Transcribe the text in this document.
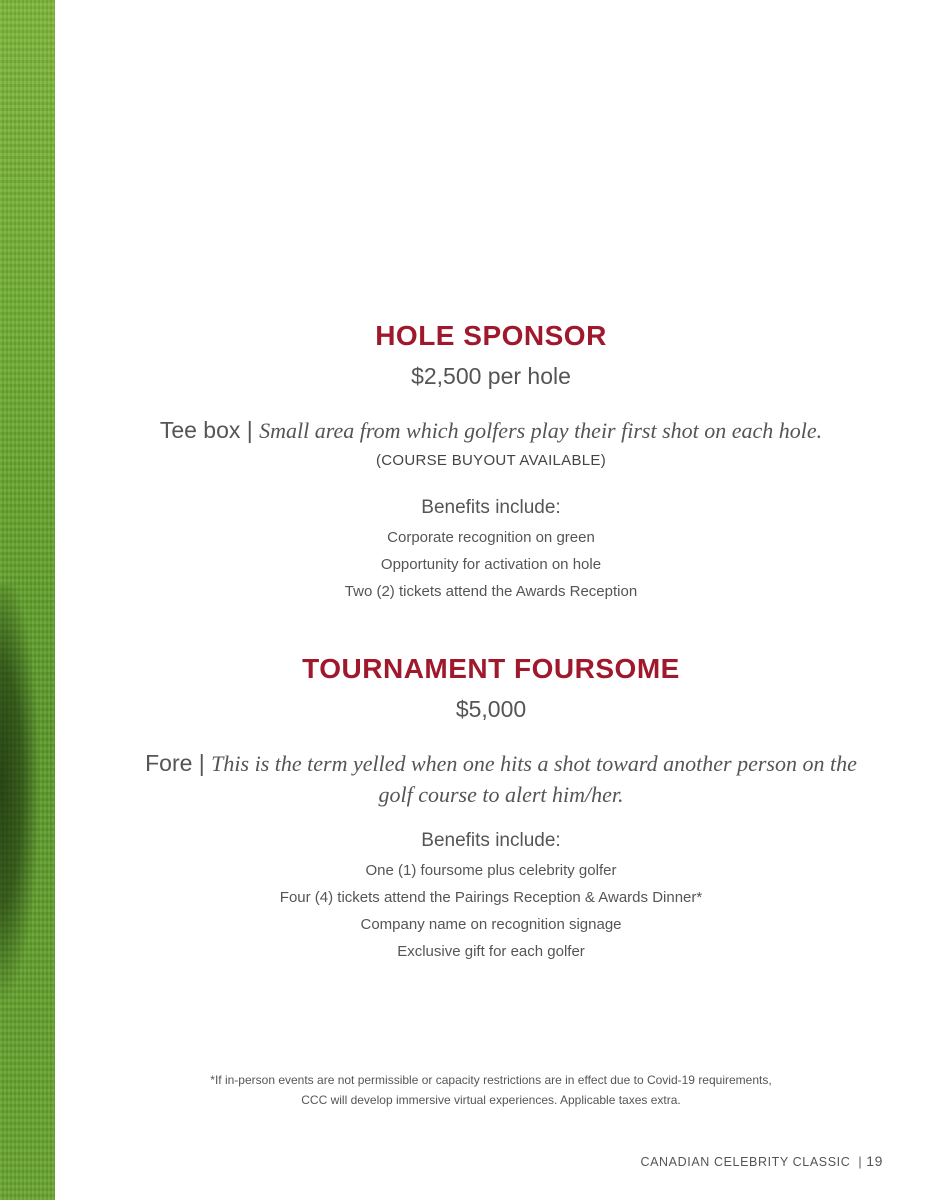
HOLE SPONSOR

$2,500 per hole

Tee box | Small area from which golfers play their first shot on each hole.

(COURSE BUYOUT AVAILABLE)

Benefits include:

Corporate recognition on green
Opportunity for activation on hole
Two (2) tickets attend the Awards Reception
TOURNAMENT FOURSOME

$5,000

Fore | This is the term yelled when one hits a shot toward another person on the golf course to alert him/her.

Benefits include:

One (1) foursome plus celebrity golfer
Four (4) tickets attend the Pairings Reception & Awards Dinner*
Company name on recognition signage
Exclusive gift for each golfer
*If in-person events are not permissible or capacity restrictions are in effect due to Covid-19 requirements,
CCC will develop immersive virtual experiences. Applicable taxes extra.
CANADIAN CELEBRITY CLASSIC | 19
